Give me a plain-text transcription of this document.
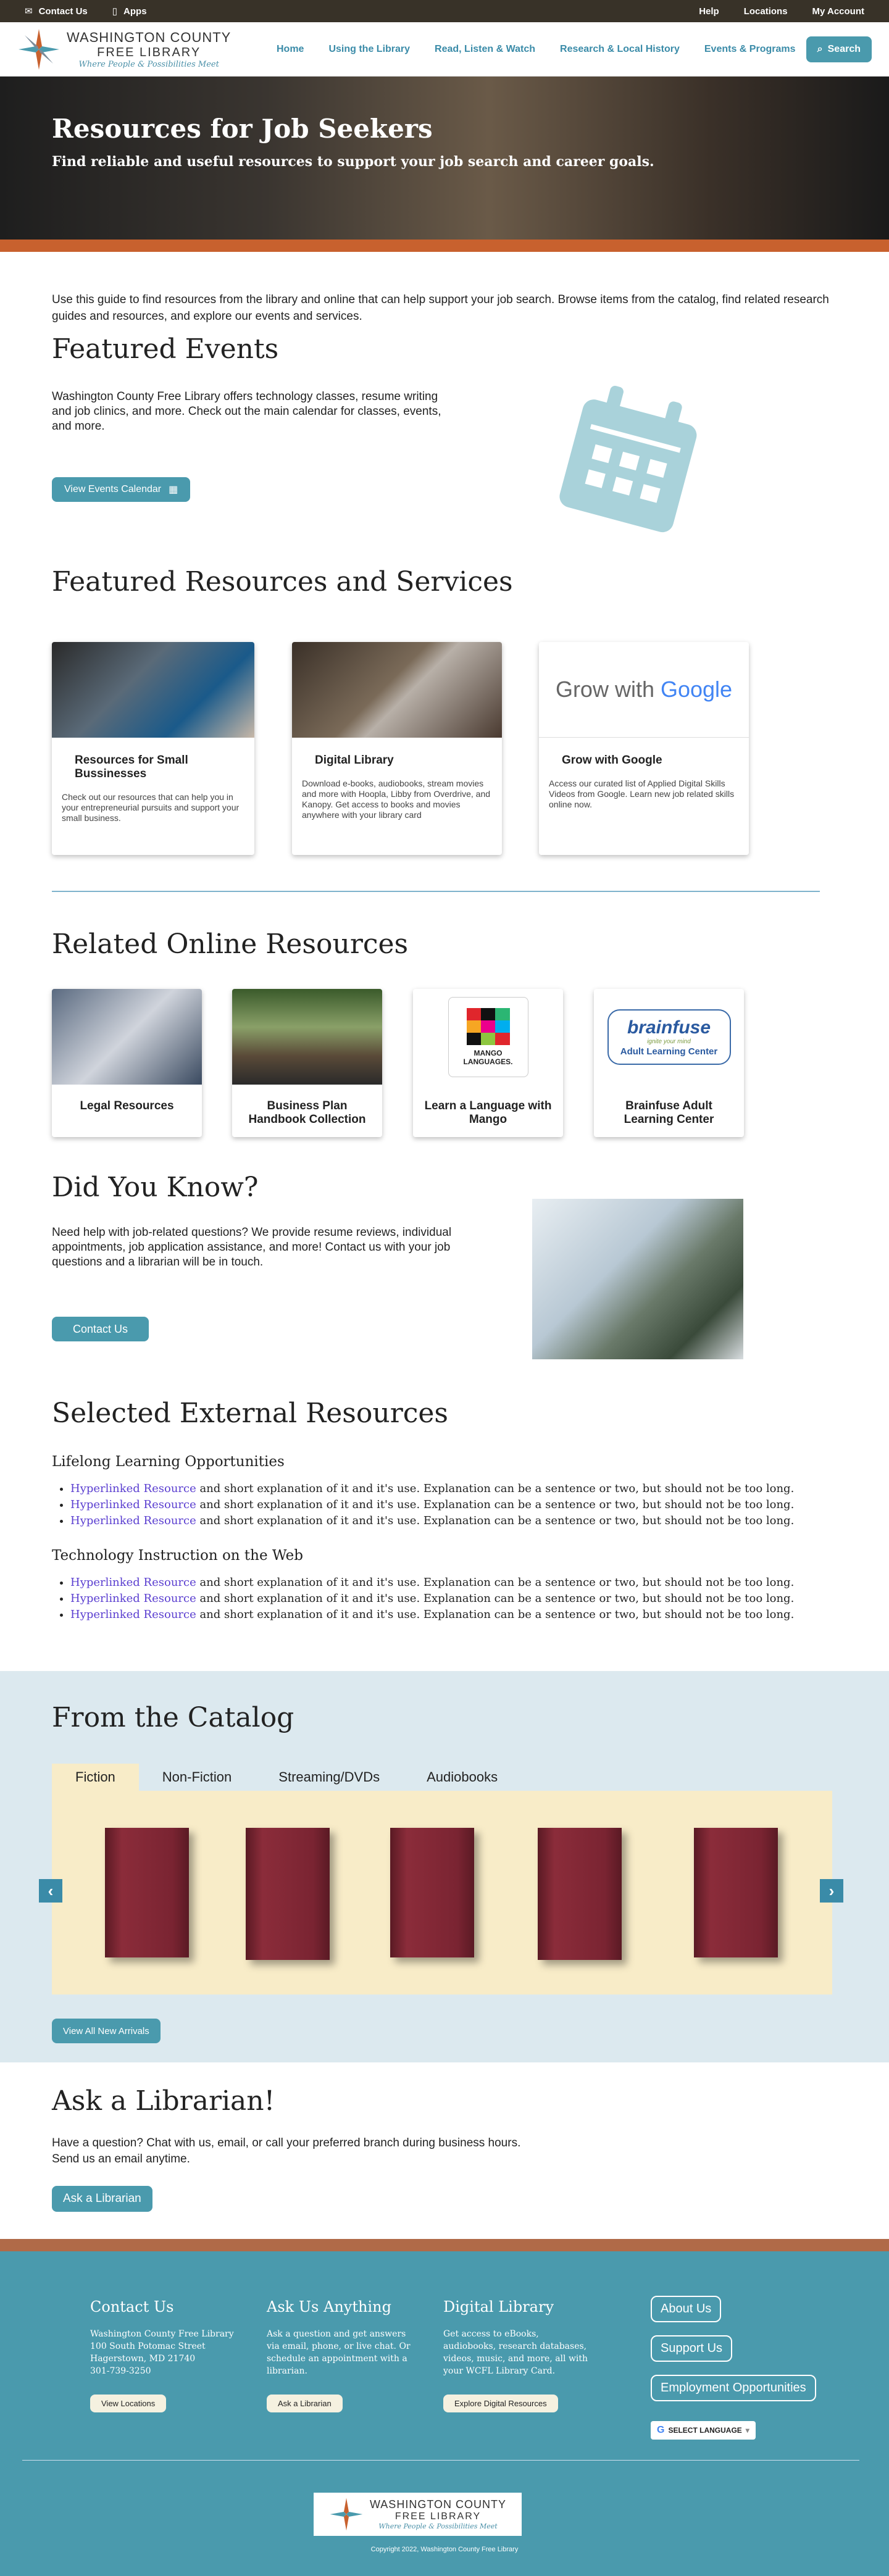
✉ Contact Us	▯ Apps	Help	Locations	My Account
WASHINGTON COUNTY
FREE LIBRARY
Where People & Possibilities Meet
Home	Using the Library	Read, Listen & Watch	Research & Local History	Events & Programs ⌕ Search
Resources for Job Seekers

Find reliable and useful resources to support your job search and career goals.

Use this guide to find resources from the library and online that can help support your job search. Browse items from the catalog, find related research guides and resources, and explore our events and services.
Featured Events

Washington County Free Library offers technology classes, resume writing and job clinics, and more. Check out the main calendar for classes, events, and more.

View Events Calendar ▦
Featured Resources and Services
Resources for Small Bussinesses

Check out our resources that can help you in your entrepreneurial pursuits and support your small business.

Digital Library

Download e-books, audiobooks, stream movies and more with Hoopla, Libby from Overdrive, and Kanopy. Get access to books and movies anywhere with your library card

Grow with Google
Grow with Google

Access our curated list of Applied Digital Skills Videos from Google. Learn new job related skills online now.

Related Online Resources
Legal Resources	Business Plan Handbook Collection
MANGO LANGUAGES.
Learn a Language with Mango
brainfuse
ignite your mind
Adult Learning Center
Brainfuse Adult Learning Center
Did You Know?

Need help with job-related questions? We provide resume reviews, individual appointments, job application assistance, and more! Contact us with your job questions and a librarian will be in touch.

Contact Us
Selected External Resources
Lifelong Learning Opportunities
• Hyperlinked Resource and short explanation of it and it's use. Explanation can be a sentence or two, but should not be too long.
• Hyperlinked Resource and short explanation of it and it's use. Explanation can be a sentence or two, but should not be too long.
• Hyperlinked Resource and short explanation of it and it's use. Explanation can be a sentence or two, but should not be too long.
Technology Instruction on the Web
• Hyperlinked Resource and short explanation of it and it's use. Explanation can be a sentence or two, but should not be too long.
• Hyperlinked Resource and short explanation of it and it's use. Explanation can be a sentence or two, but should not be too long.
• Hyperlinked Resource and short explanation of it and it's use. Explanation can be a sentence or two, but should not be too long.
From the Catalog
Fiction	Non-Fiction	Streaming/DVDs	Audiobooks
‹	›
View All New Arrivals
Ask a Librarian!

Have a question? Chat with us, email, or call your preferred branch during business hours.

Send us an email anytime.

Ask a Librarian
Contact Us

Washington County Free Library

100 South Potomac Street

Hagerstown, MD 21740

301-739-3250

View Locations
Ask Us Anything

Ask a question and get answers via email, phone, or live chat. Or schedule an appointment with a librarian.

Ask a Librarian
Digital Library

Get access to eBooks, audiobooks, research databases, videos, music, and more, all with your WCFL Library Card.

Explore Digital Resources
About Us
Support Us
Employment Opportunities
G SELECT LANGUAGE ▾
WASHINGTON COUNTY
FREE LIBRARY
Where People & Possibilities Meet
Copyright 2022, Washington County Free Library
